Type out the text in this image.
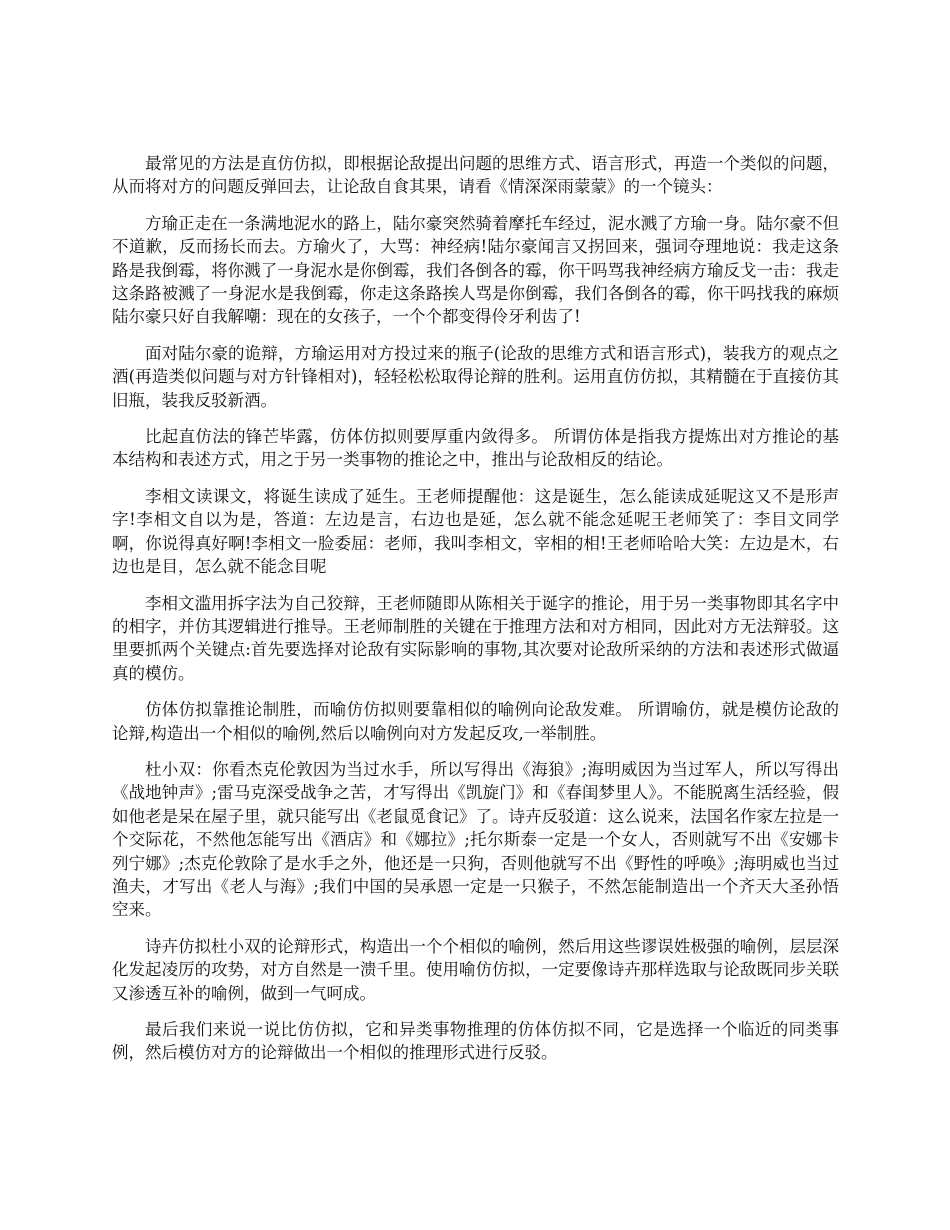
最常见的方法是直仿仿拟，即根据论敌提出问题的思维方式、语言形式，再造一个类似的问题，从而将对方的问题反弹回去，让论敌自食其果，请看《情深深雨蒙蒙》的一个镜头：

方瑜正走在一条满地泥水的路上，陆尔豪突然骑着摩托车经过，泥水溅了方瑜一身。陆尔豪不但不道歉，反而扬长而去。方瑜火了，大骂：神经病!陆尔豪闻言又拐回来，强词夺理地说：我走这条路是我倒霉，将你溅了一身泥水是你倒霉，我们各倒各的霉，你干吗骂我神经病方瑜反戈一击：我走这条路被溅了一身泥水是我倒霉，你走这条路挨人骂是你倒霉，我们各倒各的霉，你干吗找我的麻烦陆尔豪只好自我解嘲：现在的女孩子，一个个都变得伶牙利齿了!

面对陆尔豪的诡辩，方瑜运用对方投过来的瓶子(论敌的思维方式和语言形式)，装我方的观点之酒(再造类似问题与对方针锋相对)，轻轻松松取得论辩的胜利。运用直仿仿拟，其精髓在于直接仿其旧瓶，装我反驳新酒。

比起直仿法的锋芒毕露，仿体仿拟则要厚重内敛得多。 所谓仿体是指我方提炼出对方推论的基本结构和表述方式，用之于另一类事物的推论之中，推出与论敌相反的结论。

李相文读课文，将诞生读成了延生。王老师提醒他：这是诞生，怎么能读成延呢这又不是形声字!李相文自以为是，答道：左边是言，右边也是延，怎么就不能念延呢王老师笑了：李目文同学啊，你说得真好啊!李相文一脸委屈：老师，我叫李相文，宰相的相!王老师哈哈大笑：左边是木，右边也是目，怎么就不能念目呢

李相文滥用拆字法为自己狡辩，王老师随即从陈相关于诞字的推论，用于另一类事物即其名字中的相字，并仿其逻辑进行推导。王老师制胜的关键在于推理方法和对方相同，因此对方无法辩驳。这里要抓两个关键点:首先要选择对论敌有实际影响的事物,其次要对论敌所采纳的方法和表述形式做逼真的模仿。

仿体仿拟靠推论制胜，而喻仿仿拟则要靠相似的喻例向论敌发难。 所谓喻仿，就是模仿论敌的论辩,构造出一个相似的喻例,然后以喻例向对方发起反攻,一举制胜。

杜小双：你看杰克伦敦因为当过水手，所以写得出《海狼》;海明威因为当过军人，所以写得出《战地钟声》;雷马克深受战争之苦，才写得出《凯旋门》和《春闺梦里人》。不能脱离生活经验，假如他老是呆在屋子里，就只能写出《老鼠觅食记》了。诗卉反驳道：这么说来，法国名作家左拉是一个交际花，不然他怎能写出《酒店》和《娜拉》;托尔斯泰一定是一个女人，否则就写不出《安娜卡列宁娜》;杰克伦敦除了是水手之外，他还是一只狗，否则他就写不出《野性的呼唤》;海明威也当过渔夫，才写出《老人与海》;我们中国的吴承恩一定是一只猴子，不然怎能制造出一个齐天大圣孙悟空来。

诗卉仿拟杜小双的论辩形式，构造出一个个相似的喻例，然后用这些谬误姓极强的喻例，层层深化发起凌厉的攻势，对方自然是一溃千里。使用喻仿仿拟，一定要像诗卉那样选取与论敌既同步关联又渗透互补的喻例，做到一气呵成。

最后我们来说一说比仿仿拟，它和异类事物推理的仿体仿拟不同，它是选择一个临近的同类事例，然后模仿对方的论辩做出一个相似的推理形式进行反驳。
